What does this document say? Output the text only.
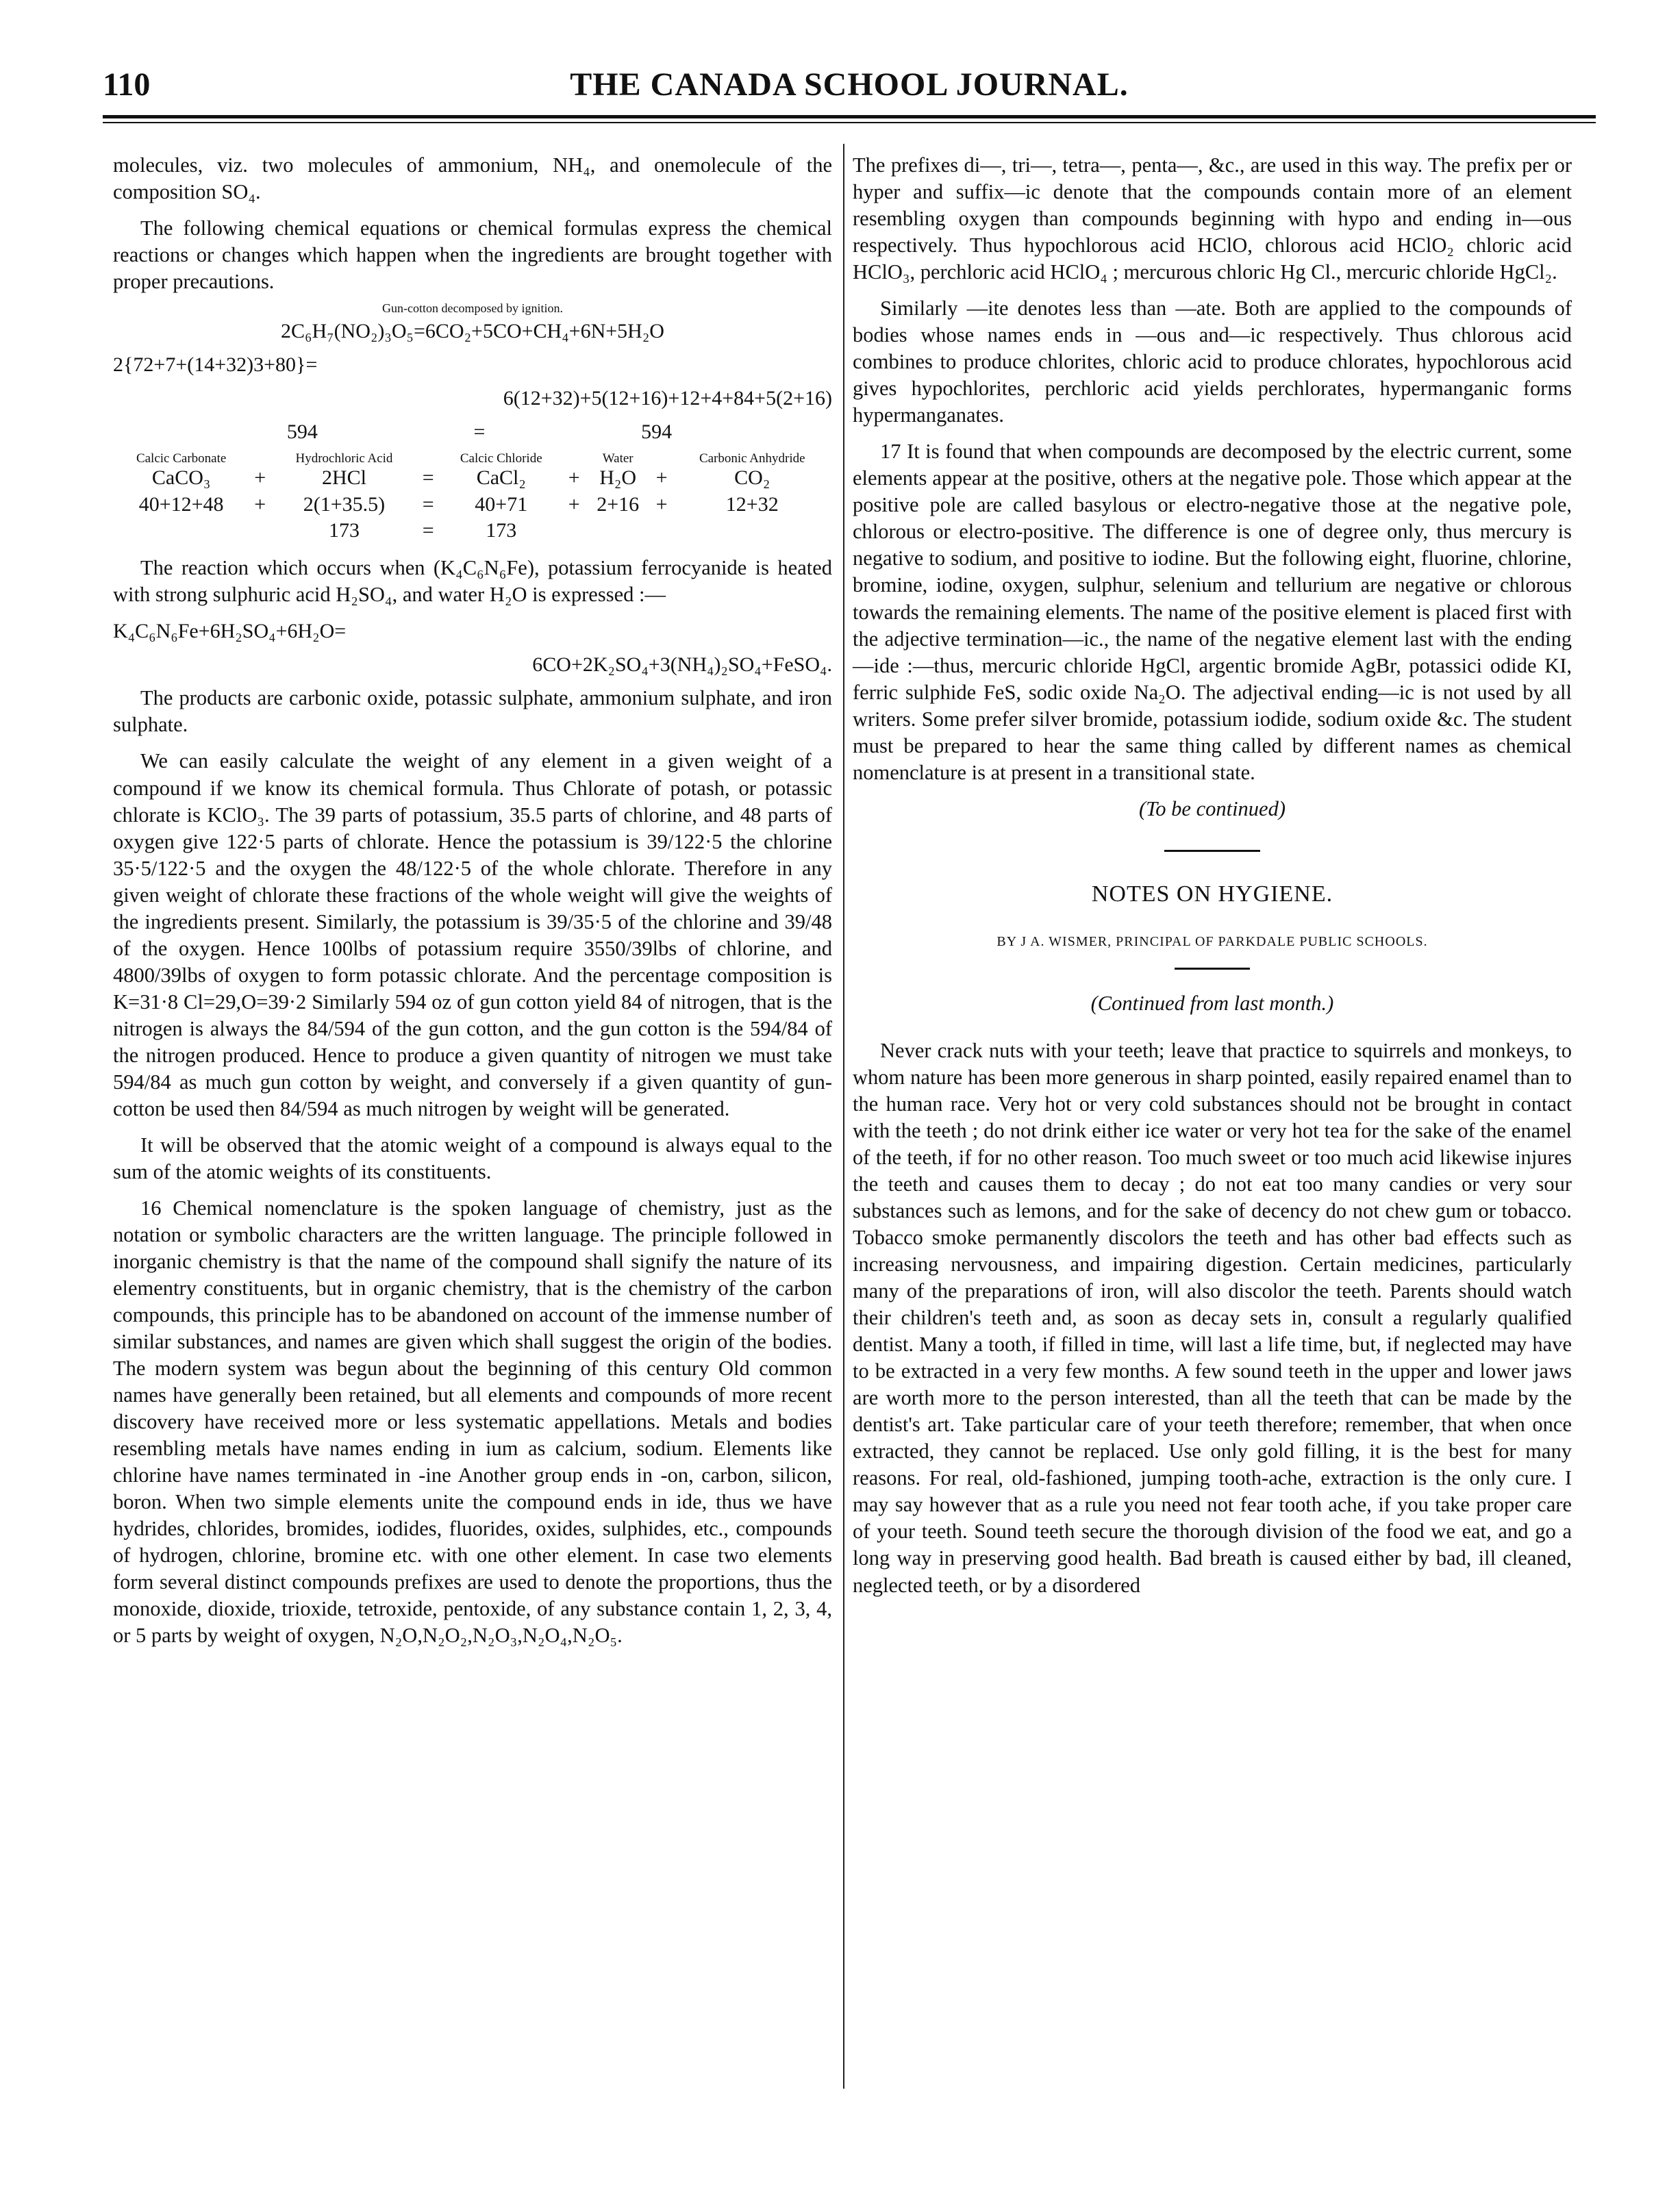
110	THE CANADA SCHOOL JOURNAL.

molecules, viz. two molecules of ammonium, NH₄, and onemolecule of the composition SO₄.

The following chemical equations or chemical formulas express the chemical reactions or changes which happen when the ingredients are brought together with proper precautions.

Gun-cotton decomposed by ignition.
2C₆H₇(NO₂)₃O₅=6CO₂+5CO+CH₄+6N+5H₂O
2{72+7+(14+32)3+80}=
6(12+32)+5(12+16)+12+4+84+5(2+16)
594	=	594
Calcic Carbonate		Hydrochloric Acid		Calcic Chloride		Water		Carbonic Anhydride
CaCO₃	+	2HCl	=	CaCl₂	+	H₂O	+	CO₂
40+12+48	+	2(1+35.5)	=	40+71	+	2+16	+	12+32
		173	=	173				

The reaction which occurs when (K₄C₆N₆Fe), potassium ferrocyanide is heated with strong sulphuric acid H₂SO₄, and water H₂O is expressed :—

K₄C₆N₆Fe+6H₂SO₄+6H₂O=
6CO+2K₂SO₄+3(NH₄)₂SO₄+FeSO₄.

The products are carbonic oxide, potassic sulphate, ammonium sulphate, and iron sulphate.

We can easily calculate the weight of any element in a given weight of a compound if we know its chemical formula. Thus Chlorate of potash, or potassic chlorate is KClO₃. The 39 parts of potassium, 35.5 parts of chlorine, and 48 parts of oxygen give 122·5 parts of chlorate. Hence the potassium is 39/122·5 the chlorine 35·5/122·5 and the oxygen the 48/122·5 of the whole chlorate. Therefore in any given weight of chlorate these fractions of the whole weight will give the weights of the ingredients present. Similarly, the potassium is 39/35·5 of the chlorine and 39/48 of the oxygen. Hence 100lbs of potassium require 3550/39lbs of chlorine, and 4800/39lbs of oxygen to form potassic chlorate. And the percentage composition is K=31·8 Cl=29,O=39·2 Similarly 594 oz of gun cotton yield 84 of nitrogen, that is the nitrogen is always the 84/594 of the gun cotton, and the gun cotton is the 594/84 of the nitrogen produced. Hence to produce a given quantity of nitrogen we must take 594/84 as much gun cotton by weight, and conversely if a given quantity of gun-cotton be used then 84/594 as much nitrogen by weight will be generated.

It will be observed that the atomic weight of a compound is always equal to the sum of the atomic weights of its constituents.

16 Chemical nomenclature is the spoken language of chemistry, just as the notation or symbolic characters are the written language. The principle followed in inorganic chemistry is that the name of the compound shall signify the nature of its elementry constituents, but in organic chemistry, that is the chemistry of the carbon compounds, this principle has to be abandoned on account of the immense number of similar substances, and names are given which shall suggest the origin of the bodies. The modern system was begun about the beginning of this century Old common names have generally been retained, but all elements and compounds of more recent discovery have received more or less systematic appellations. Metals and bodies resembling metals have names ending in ium as calcium, sodium. Elements like chlorine have names terminated in -ine Another group ends in -on, carbon, silicon, boron. When two simple elements unite the compound ends in ide, thus we have hydrides, chlorides, bromides, iodides, fluorides, oxides, sulphides, etc., compounds of hydrogen, chlorine, bromine etc. with one other element. In case two elements form several distinct compounds prefixes are used to denote the proportions, thus the monoxide, dioxide, trioxide, tetroxide, pentoxide, of any substance contain 1, 2, 3, 4, or 5 parts by weight of oxygen, N₂O,N₂O₂,N₂O₃,N₂O₄,N₂O₅.

The prefixes di—, tri—, tetra—, penta—, &c., are used in this way. The prefix per or hyper and suffix—ic denote that the compounds contain more of an element resembling oxygen than compounds beginning with hypo and ending in—ous respectively. Thus hypochlorous acid HClO, chlorous acid HClO₂ chloric acid HClO₃, perchloric acid HClO₄ ; mercurous chloric Hg Cl., mercuric chloride HgCl₂.

Similarly —ite denotes less than —ate. Both are applied to the compounds of bodies whose names ends in —ous and—ic respectively. Thus chlorous acid combines to produce chlorites, chloric acid to produce chlorates, hypochlorous acid gives hypochlorites, perchloric acid yields perchlorates, hypermanganic forms hypermanganates.

17 It is found that when compounds are decomposed by the electric current, some elements appear at the positive, others at the negative pole. Those which appear at the positive pole are called basylous or electro-negative those at the negative pole, chlorous or electro-positive. The difference is one of degree only, thus mercury is negative to sodium, and positive to iodine. But the following eight, fluorine, chlorine, bromine, iodine, oxygen, sulphur, selenium and tellurium are negative or chlorous towards the remaining elements. The name of the positive element is placed first with the adjective termination—ic., the name of the negative element last with the ending—ide :—thus, mercuric chloride HgCl, argentic bromide AgBr, potassici odide KI, ferric sulphide FeS, sodic oxide Na₂O. The adjectival ending—ic is not used by all writers. Some prefer silver bromide, potassium iodide, sodium oxide &c. The student must be prepared to hear the same thing called by different names as chemical nomenclature is at present in a transitional state.

(To be continued)

NOTES ON HYGIENE.
BY J A. WISMER, PRINCIPAL OF PARKDALE PUBLIC SCHOOLS.

(Continued from last month.)

Never crack nuts with your teeth; leave that practice to squirrels and monkeys, to whom nature has been more generous in sharp pointed, easily repaired enamel than to the human race. Very hot or very cold substances should not be brought in contact with the teeth ; do not drink either ice water or very hot tea for the sake of the enamel of the teeth, if for no other reason. Too much sweet or too much acid likewise injures the teeth and causes them to decay ; do not eat too many candies or very sour substances such as lemons, and for the sake of decency do not chew gum or tobacco. Tobacco smoke permanently discolors the teeth and has other bad effects such as increasing nervousness, and impairing digestion. Certain medicines, particularly many of the preparations of iron, will also discolor the teeth. Parents should watch their children's teeth and, as soon as decay sets in, consult a regularly qualified dentist. Many a tooth, if filled in time, will last a life time, but, if neglected may have to be extracted in a very few months. A few sound teeth in the upper and lower jaws are worth more to the person interested, than all the teeth that can be made by the dentist's art. Take particular care of your teeth therefore; remember, that when once extracted, they cannot be replaced. Use only gold filling, it is the best for many reasons. For real, old-fashioned, jumping tooth-ache, extraction is the only cure. I may say however that as a rule you need not fear tooth ache, if you take proper care of your teeth. Sound teeth secure the thorough division of the food we eat, and go a long way in preserving good health. Bad breath is caused either by bad, ill cleaned, neglected teeth, or by a disordered
